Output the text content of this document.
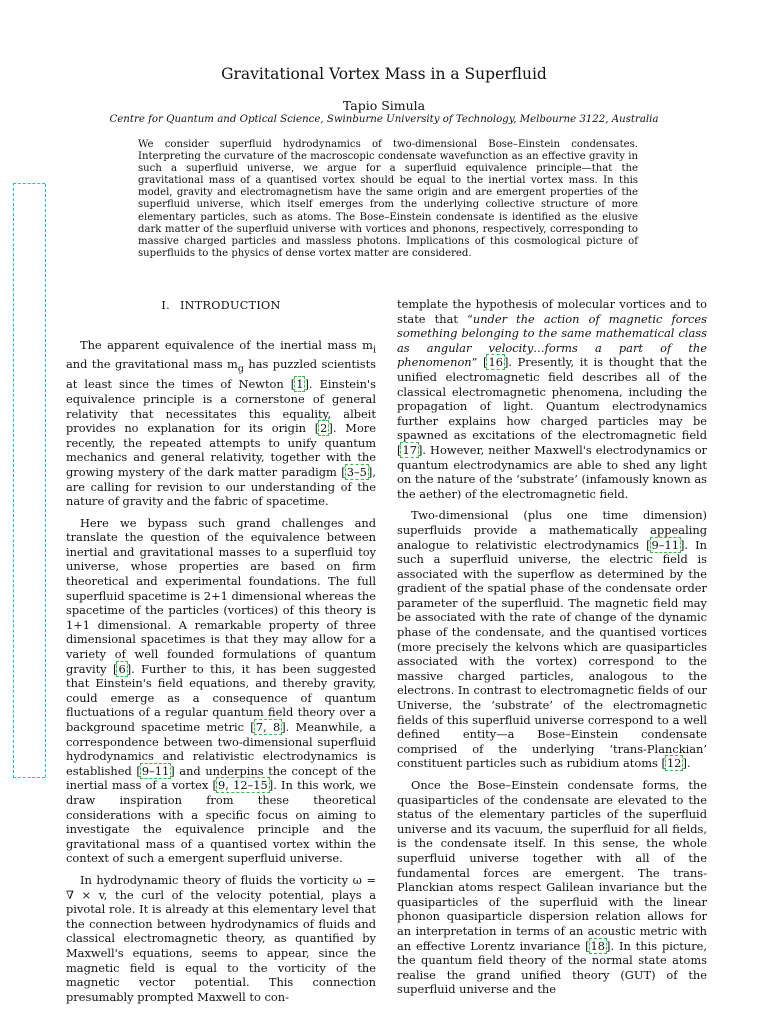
Gravitational Vortex Mass in a Superfluid
Tapio Simula
Centre for Quantum and Optical Science, Swinburne University of Technology, Melbourne 3122, Australia

We consider superfluid hydrodynamics of two-dimensional Bose–Einstein condensates. Interpreting the curvature of the macroscopic condensate wavefunction as an effective gravity in such a superfluid universe, we argue for a superfluid equivalence principle—that the gravitational mass of a quantised vortex should be equal to the inertial vortex mass. In this model, gravity and electromagnetism have the same origin and are emergent properties of the superfluid universe, which itself emerges from the underlying collective structure of more elementary particles, such as atoms. The Bose–Einstein condensate is identified as the elusive dark matter of the superfluid universe with vortices and phonons, respectively, corresponding to massive charged particles and massless photons. Implications of this cosmological picture of superfluids to the physics of dense vortex matter are considered.

I. INTRODUCTION

The apparent equivalence of the inertial mass $m_i$ and the gravitational mass $m_g$ has puzzled scientists at least since the times of Newton [1]. Einstein's equivalence principle is a cornerstone of general relativity that necessitates this equality, albeit provides no explanation for its origin [2]. More recently, the repeated attempts to unify quantum mechanics and general relativity, together with the growing mystery of the dark matter paradigm [3–5], are calling for revision to our understanding of the nature of gravity and the fabric of spacetime.

Here we bypass such grand challenges and translate the question of the equivalence between inertial and gravitational masses to a superfluid toy universe, whose properties are based on firm theoretical and experimental foundations. The full superfluid spacetime is 2+1 dimensional whereas the spacetime of the particles (vortices) of this theory is 1+1 dimensional. A remarkable property of three dimensional spacetimes is that they may allow for a variety of well founded formulations of quantum gravity [6]. Further to this, it has been suggested that Einstein's field equations, and thereby gravity, could emerge as a consequence of quantum fluctuations of a regular quantum field theory over a background spacetime metric [7, 8]. Meanwhile, a correspondence between two-dimensional superfluid hydrodynamics and relativistic electrodynamics is established [9–11] and underpins the concept of the inertial mass of a vortex [9, 12–15]. In this work, we draw inspiration from these theoretical considerations with a specific focus on aiming to investigate the equivalence principle and the gravitational mass of a quantised vortex within the context of such a emergent superfluid universe.

In hydrodynamic theory of fluids the vorticity ω = ∇ × v, the curl of the velocity potential, plays a pivotal role. It is already at this elementary level that the connection between hydrodynamics of fluids and classical electromagnetic theory, as quantified by Maxwell's equations, seems to appear, since the magnetic field is equal to the vorticity of the magnetic vector potential. This connection presumably prompted Maxwell to con-

template the hypothesis of molecular vortices and to state that “under the action of magnetic forces something belonging to the same mathematical class as angular velocity…forms a part of the phenomenon” [16]. Presently, it is thought that the unified electromagnetic field describes all of the classical electromagnetic phenomena, including the propagation of light. Quantum electrodynamics further explains how charged particles may be spawned as excitations of the electromagnetic field [17]. However, neither Maxwell's electrodynamics or quantum electrodynamics are able to shed any light on the nature of the ‘substrate’ (infamously known as the aether) of the electromagnetic field.

Two-dimensional (plus one time dimension) superfluids provide a mathematically appealing analogue to relativistic electrodynamics [9–11]. In such a superfluid universe, the electric field is associated with the superflow as determined by the gradient of the spatial phase of the condensate order parameter of the superfluid. The magnetic field may be associated with the rate of change of the dynamic phase of the condensate, and the quantised vortices (more precisely the kelvons which are quasiparticles associated with the vortex) correspond to the massive charged particles, analogous to the electrons. In contrast to electromagnetic fields of our Universe, the ‘substrate’ of the electromagnetic fields of this superfluid universe correspond to a well defined entity—a Bose–Einstein condensate comprised of the underlying ‘trans-Planckian’ constituent particles such as rubidium atoms [12].

Once the Bose–Einstein condensate forms, the quasiparticles of the condensate are elevated to the status of the elementary particles of the superfluid universe and its vacuum, the superfluid for all fields, is the condensate itself. In this sense, the whole superfluid universe together with all of the fundamental forces are emergent. The trans-Planckian atoms respect Galilean invariance but the quasiparticles of the superfluid with the linear phonon quasiparticle dispersion relation allows for an interpretation in terms of an acoustic metric with an effective Lorentz invariance [18]. In this picture, the quantum field theory of the normal state atoms realise the grand unified theory (GUT) of the superfluid universe and the
